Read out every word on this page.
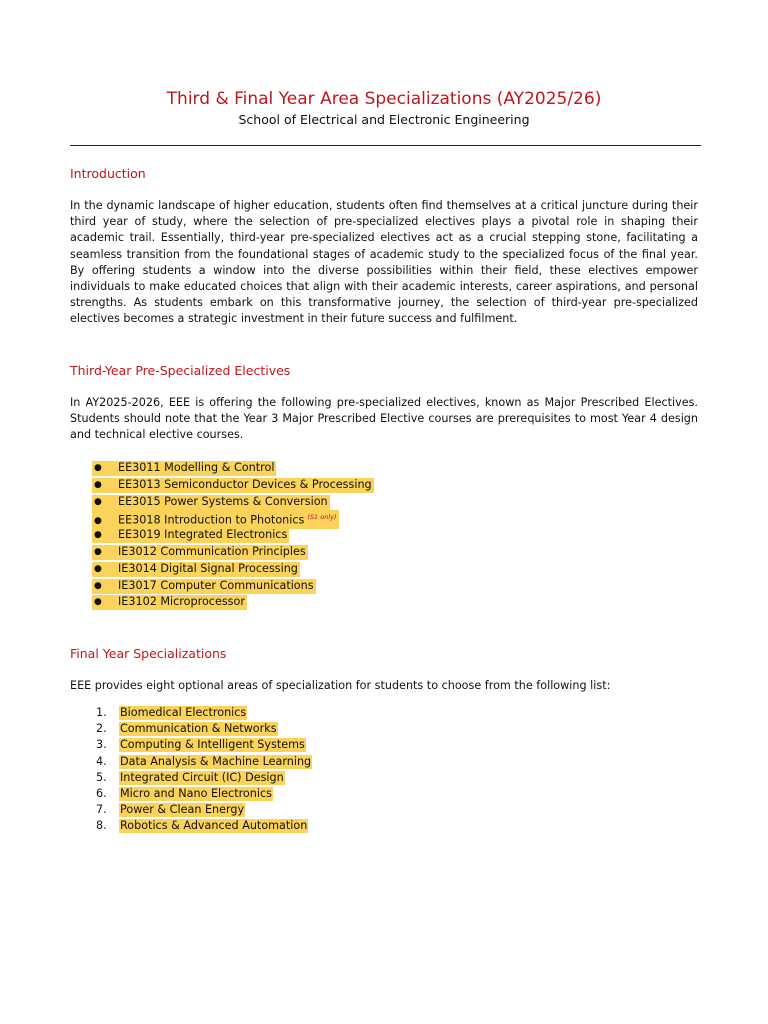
Third & Final Year Area Specializations (AY2025/26)
School of Electrical and Electronic Engineering
Introduction

In the dynamic landscape of higher education, students often find themselves at a critical juncture during their third year of study, where the selection of pre-specialized electives plays a pivotal role in shaping their academic trail. Essentially, third-year pre-specialized electives act as a crucial stepping stone, facilitating a seamless transition from the foundational stages of academic study to the specialized focus of the final year. By offering students a window into the diverse possibilities within their field, these electives empower individuals to make educated choices that align with their academic interests, career aspirations, and personal strengths. As students embark on this transformative journey, the selection of third-year pre-specialized electives becomes a strategic investment in their future success and fulfilment.

Third-Year Pre-Specialized Electives

In AY2025-2026, EEE is offering the following pre-specialized electives, known as Major Prescribed Electives. Students should note that the Year 3 Major Prescribed Elective courses are prerequisites to most Year 4 design and technical elective courses.

●EE3011 Modelling & Control
●EE3013 Semiconductor Devices & Processing
●EE3015 Power Systems & Conversion
●EE3018 Introduction to Photonics $^{(S1 only)}$
●EE3019 Integrated Electronics
●IE3012 Communication Principles
●IE3014 Digital Signal Processing
●IE3017 Computer Communications
●IE3102 Microprocessor
Final Year Specializations

EEE provides eight optional areas of specialization for students to choose from the following list:

1. Biomedical Electronics
2. Communication & Networks
3. Computing & Intelligent Systems
4. Data Analysis & Machine Learning
5. Integrated Circuit (IC) Design
6. Micro and Nano Electronics
7. Power & Clean Energy
8. Robotics & Advanced Automation
